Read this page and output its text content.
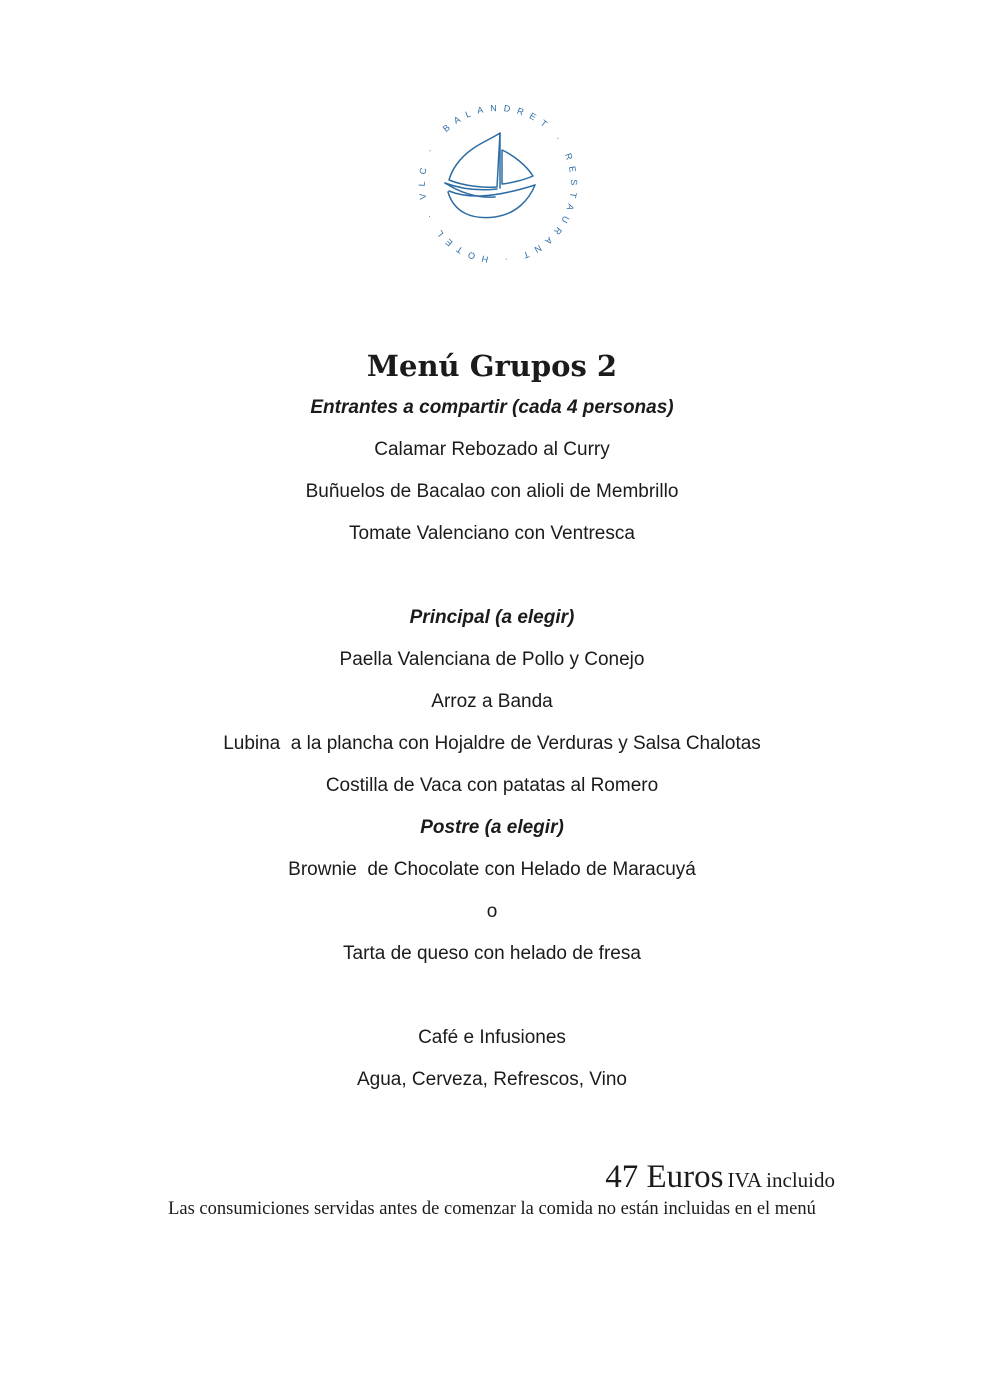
BALANDRET · RESTAURANT · HOTEL · VLC ·
Menú Grupos 2
Entrantes a compartir (cada 4 personas)
Calamar Rebozado al Curry
Buñuelos de Bacalao con alioli de Membrillo
Tomate Valenciano con Ventresca
Principal (a elegir)
Paella Valenciana de Pollo y Conejo
Arroz a Banda
Lubina  a la plancha con Hojaldre de Verduras y Salsa Chalotas
Costilla de Vaca con patatas al Romero
Postre (a elegir)
Brownie  de Chocolate con Helado de Maracuyá
o
Tarta de queso con helado de fresa
Café e Infusiones
Agua, Cerveza, Refrescos, Vino
47 Euros IVA incluido
Las consumiciones servidas antes de comenzar la comida no están incluidas en el menú
